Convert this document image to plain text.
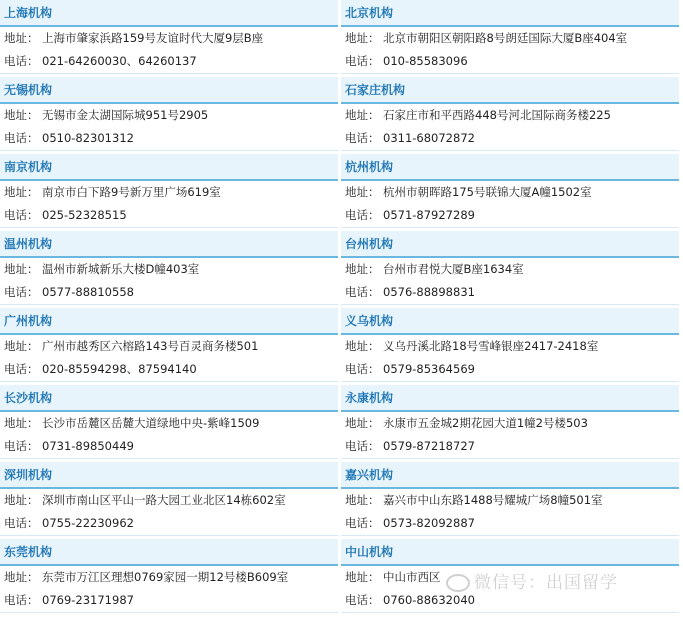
上海机构
地址： 上海市肇家浜路159号友谊时代大厦9层B座
电话： 021-64260030、64260137
北京机构
地址： 北京市朝阳区朝阳路8号朗廷国际大厦B座404室
电话： 010-85583096
无锡机构
地址： 无锡市金太湖国际城951号2905
电话： 0510-82301312
石家庄机构
地址： 石家庄市和平西路448号河北国际商务楼225
电话： 0311-68072872
南京机构
地址： 南京市白下路9号新万里广场619室
电话： 025-52328515
杭州机构
地址： 杭州市朝晖路175号联锦大厦A幢1502室
电话： 0571-87927289
温州机构
地址： 温州市新城新乐大楼D幢403室
电话： 0577-88810558
台州机构
地址： 台州市君悦大厦B座1634室
电话： 0576-88898831
广州机构
地址： 广州市越秀区六榕路143号百灵商务楼501
电话： 020-85594298、87594140
义乌机构
地址： 义乌丹溪北路18号雪峰银座2417-2418室
电话： 0579-85364569
长沙机构
地址： 长沙市岳麓区岳麓大道绿地中央-紫峰1509
电话： 0731-89850449
永康机构
地址： 永康市五金城2期花园大道1幢2号楼503
电话： 0579-87218727
深圳机构
地址： 深圳市南山区平山一路大园工业北区14栋602室
电话： 0755-22230962
嘉兴机构
地址： 嘉兴市中山东路1488号耀城广场8幢501室
电话： 0573-82092887
东莞机构
地址： 东莞市万江区理想0769家园一期12号楼B609室
电话： 0769-23171987
中山机构
地址： 中山市西区
电话： 0760-88632040
微信号：出国留学
